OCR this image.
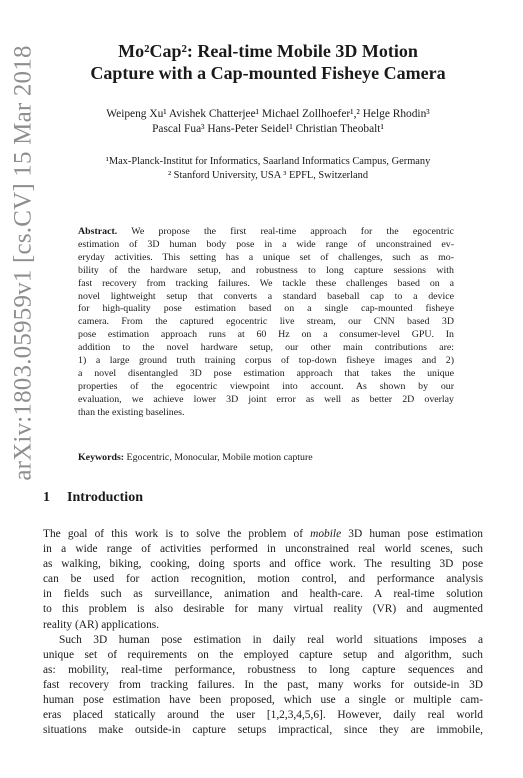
arXiv:1803.05959v1 [cs.CV] 15 Mar 2018	Mo²Cap²: Real-time Mobile 3D Motion
Capture with a Cap-mounted Fisheye Camera
Weipeng Xu¹ Avishek Chatterjee¹ Michael Zollhoefer¹,² Helge Rhodin³
Pascal Fua³ Hans-Peter Seidel¹ Christian Theobalt¹
¹Max-Planck-Institut for Informatics, Saarland Informatics Campus, Germany
² Stanford University, USA ³ EPFL, Switzerland
Abstract. We propose the first real-time approach for the egocentric
estimation of 3D human body pose in a wide range of unconstrained ev-
eryday activities. This setting has a unique set of challenges, such as mo-
bility of the hardware setup, and robustness to long capture sessions with
fast recovery from tracking failures. We tackle these challenges based on a
novel lightweight setup that converts a standard baseball cap to a device
for high-quality pose estimation based on a single cap-mounted fisheye
camera. From the captured egocentric live stream, our CNN based 3D
pose estimation approach runs at 60 Hz on a consumer-level GPU. In
addition to the novel hardware setup, our other main contributions are:
1) a large ground truth training corpus of top-down fisheye images and 2)
a novel disentangled 3D pose estimation approach that takes the unique
properties of the egocentric viewpoint into account. As shown by our
evaluation, we achieve lower 3D joint error as well as better 2D overlay
than the existing baselines.
Keywords: Egocentric, Monocular, Mobile motion capture
1 Introduction
The goal of this work is to solve the problem of mobile 3D human pose estimation
in a wide range of activities performed in unconstrained real world scenes, such
as walking, biking, cooking, doing sports and office work. The resulting 3D pose
can be used for action recognition, motion control, and performance analysis
in fields such as surveillance, animation and health-care. A real-time solution
to this problem is also desirable for many virtual reality (VR) and augmented
reality (AR) applications.
Such 3D human pose estimation in daily real world situations imposes a
unique set of requirements on the employed capture setup and algorithm, such
as: mobility, real-time performance, robustness to long capture sequences and
fast recovery from tracking failures. In the past, many works for outside-in 3D
human pose estimation have been proposed, which use a single or multiple cam-
eras placed statically around the user [1,2,3,4,5,6]. However, daily real world
situations make outside-in capture setups impractical, since they are immobile,
